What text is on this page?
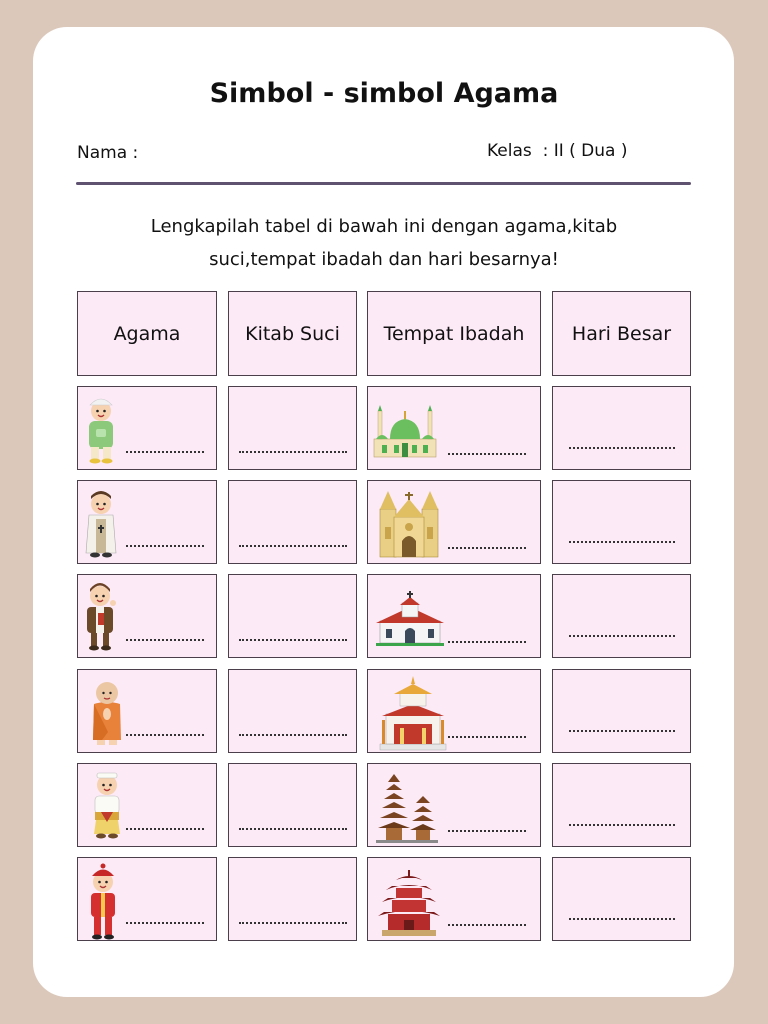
Simbol - simbol Agama
Nama :	Kelas  : II ( Dua )
Lengkapilah tabel di bawah ini dengan agama,kitab
suci,tempat ibadah dan hari besarnya!
Agama	Kitab Suci	Tempat Ibadah	Hari Besar
